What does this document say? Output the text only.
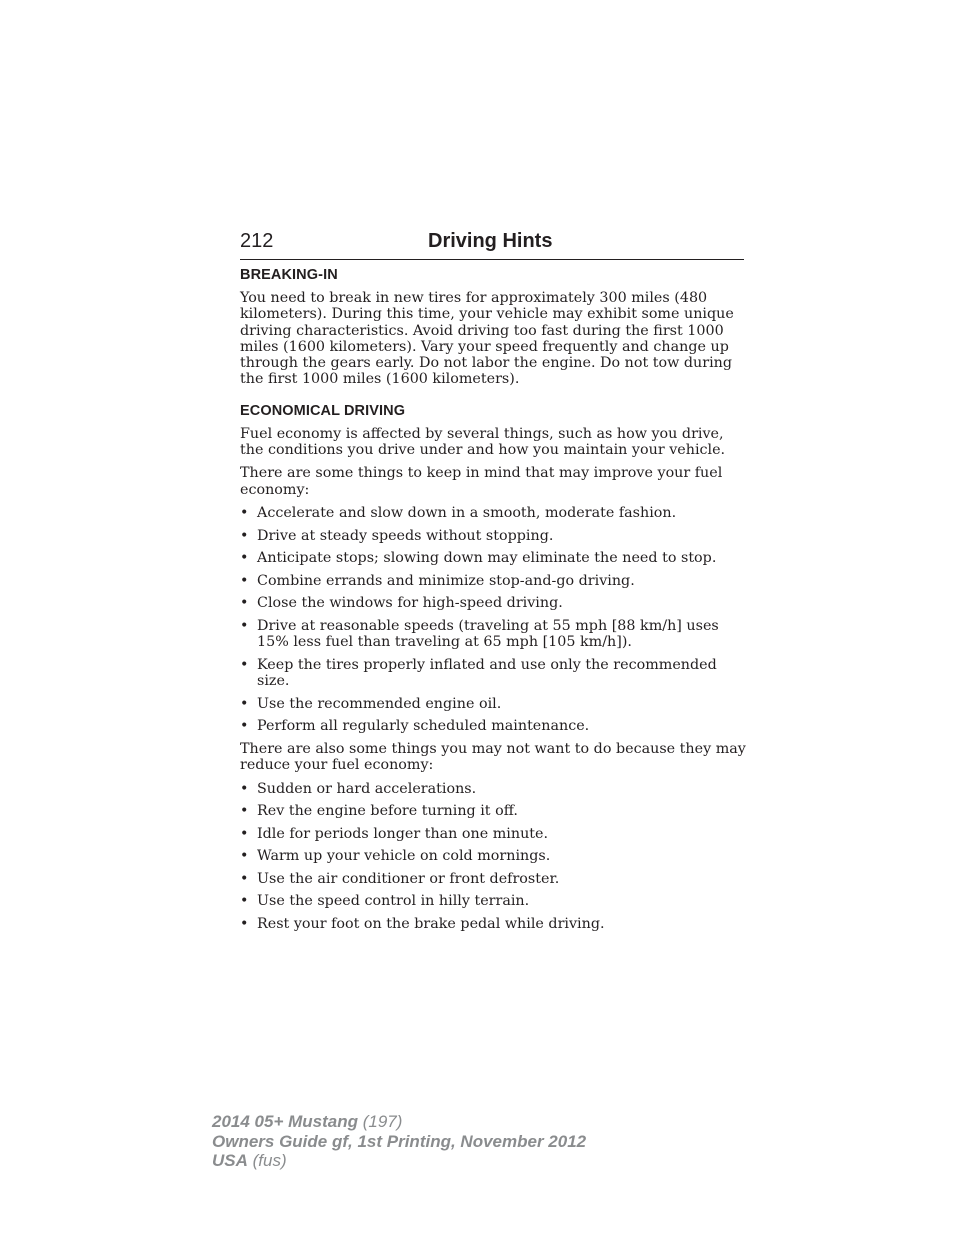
212	Driving Hints
BREAKING-IN

You need to break in new tires for approximately 300 miles (480 kilometers). During this time, your vehicle may exhibit some unique driving characteristics. Avoid driving too fast during the first 1000 miles (1600 kilometers). Vary your speed frequently and change up through the gears early. Do not labor the engine. Do not tow during the first 1000 miles (1600 kilometers).

ECONOMICAL DRIVING

Fuel economy is affected by several things, such as how you drive, the conditions you drive under and how you maintain your vehicle.

There are some things to keep in mind that may improve your fuel economy:

• Accelerate and slow down in a smooth, moderate fashion.
• Drive at steady speeds without stopping.
• Anticipate stops; slowing down may eliminate the need to stop.
• Combine errands and minimize stop-and-go driving.
• Close the windows for high-speed driving.
• Drive at reasonable speeds (traveling at 55 mph [88 km/h] uses 15% less fuel than traveling at 65 mph [105 km/h]).
• Keep the tires properly inflated and use only the recommended size.
• Use the recommended engine oil.
• Perform all regularly scheduled maintenance.

There are also some things you may not want to do because they may reduce your fuel economy:

• Sudden or hard accelerations.
• Rev the engine before turning it off.
• Idle for periods longer than one minute.
• Warm up your vehicle on cold mornings.
• Use the air conditioner or front defroster.
• Use the speed control in hilly terrain.
• Rest your foot on the brake pedal while driving.
2014 05+ Mustang (197)
Owners Guide gf, 1st Printing, November 2012
USA (fus)
